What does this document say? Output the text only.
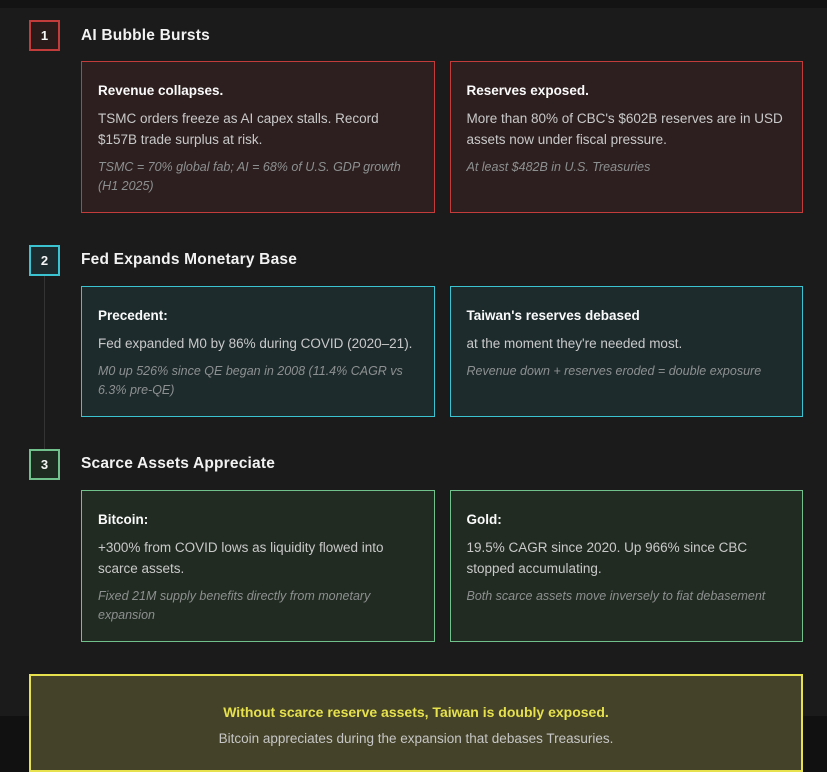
1 AI Bubble Bursts
Revenue collapses.
TSMC orders freeze as AI capex stalls. Record $157B trade surplus at risk.
TSMC = 70% global fab; AI = 68% of U.S. GDP growth (H1 2025)
Reserves exposed.
More than 80% of CBC's $602B reserves are in USD assets now under fiscal pressure.
At least $482B in U.S. Treasuries
2 Fed Expands Monetary Base
Precedent:
Fed expanded M0 by 86% during COVID (2020–21).
M0 up 526% since QE began in 2008 (11.4% CAGR vs 6.3% pre-QE)
Taiwan's reserves debased
at the moment they're needed most.
Revenue down + reserves eroded = double exposure
3 Scarce Assets Appreciate
Bitcoin:
+300% from COVID lows as liquidity flowed into scarce assets.
Fixed 21M supply benefits directly from monetary expansion
Gold:
19.5% CAGR since 2020. Up 966% since CBC stopped accumulating.
Both scarce assets move inversely to fiat debasement
Without scarce reserve assets, Taiwan is doubly exposed.
Bitcoin appreciates during the expansion that debases Treasuries.
